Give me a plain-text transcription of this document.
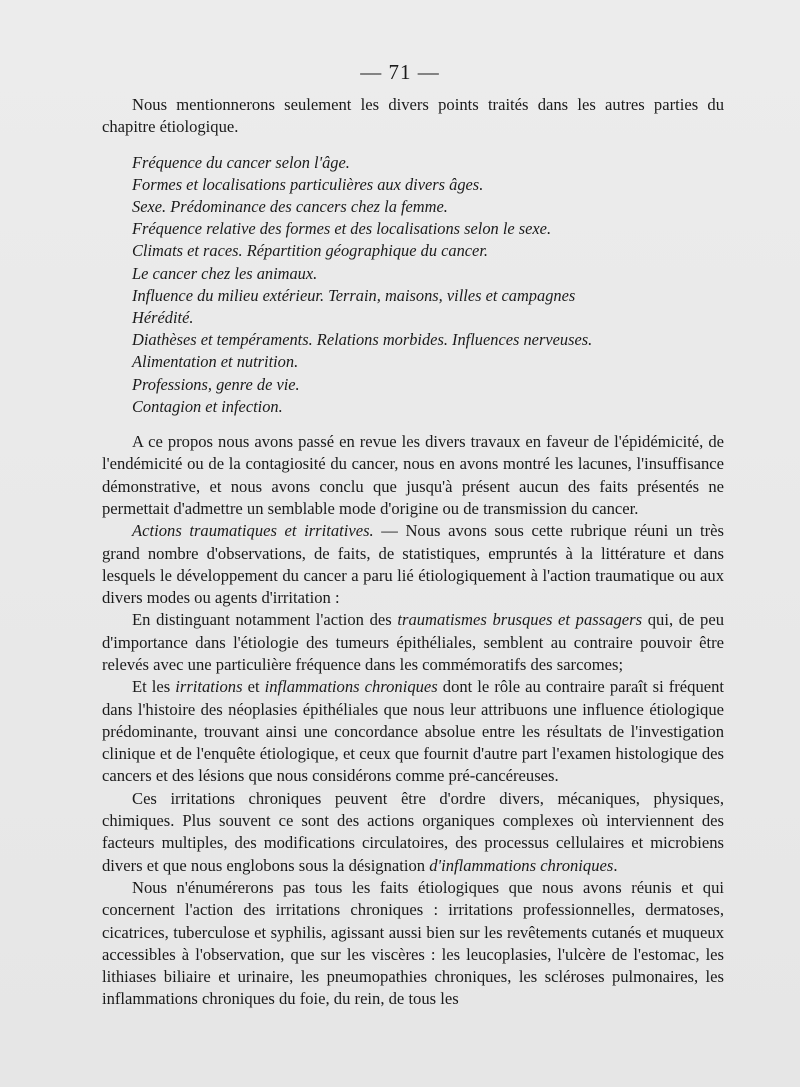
— 71 —

Nous mentionnerons seulement les divers points traités dans les autres parties du chapitre étiologique.

Fréquence du cancer selon l'âge.
Formes et localisations particulières aux divers âges.
Sexe. Prédominance des cancers chez la femme.
Fréquence relative des formes et des localisations selon le sexe.
Climats et races. Répartition géographique du cancer.
Le cancer chez les animaux.
Influence du milieu extérieur. Terrain, maisons, villes et campagnes
Hérédité.
Diathèses et tempéraments. Relations morbides. Influences nerveuses.
Alimentation et nutrition.
Professions, genre de vie.
Contagion et infection.

A ce propos nous avons passé en revue les divers travaux en faveur de l'épidémicité, de l'endémicité ou de la contagiosité du cancer, nous en avons montré les lacunes, l'insuffisance démonstrative, et nous avons conclu que jusqu'à présent aucun des faits présentés ne permettait d'admettre un semblable mode d'origine ou de transmission du cancer.

Actions traumatiques et irritatives. — Nous avons sous cette rubrique réuni un très grand nombre d'observations, de faits, de statistiques, empruntés à la littérature et dans lesquels le développement du cancer a paru lié étiologiquement à l'action traumatique ou aux divers modes ou agents d'irritation :

En distinguant notamment l'action des traumatismes brusques et passagers qui, de peu d'importance dans l'étiologie des tumeurs épithéliales, semblent au contraire pouvoir être relevés avec une particulière fréquence dans les commémoratifs des sarcomes;

Et les irritations et inflammations chroniques dont le rôle au contraire paraît si fréquent dans l'histoire des néoplasies épithéliales que nous leur attribuons une influence étiologique prédominante, trouvant ainsi une concordance absolue entre les résultats de l'investigation clinique et de l'enquête étiologique, et ceux que fournit d'autre part l'examen histologique des cancers et des lésions que nous considérons comme pré-cancéreuses.

Ces irritations chroniques peuvent être d'ordre divers, mécaniques, physiques, chimiques. Plus souvent ce sont des actions organiques complexes où interviennent des facteurs multiples, des modifications circulatoires, des processus cellulaires et microbiens divers et que nous englobons sous la désignation d'inflammations chroniques.

Nous n'énumérerons pas tous les faits étiologiques que nous avons réunis et qui concernent l'action des irritations chroniques : irritations professionnelles, dermatoses, cicatrices, tuberculose et syphilis, agissant aussi bien sur les revêtements cutanés et muqueux accessibles à l'observation, que sur les viscères : les leucoplasies, l'ulcère de l'estomac, les lithiases biliaire et urinaire, les pneumopathies chroniques, les scléroses pulmonaires, les inflammations chroniques du foie, du rein, de tous les
